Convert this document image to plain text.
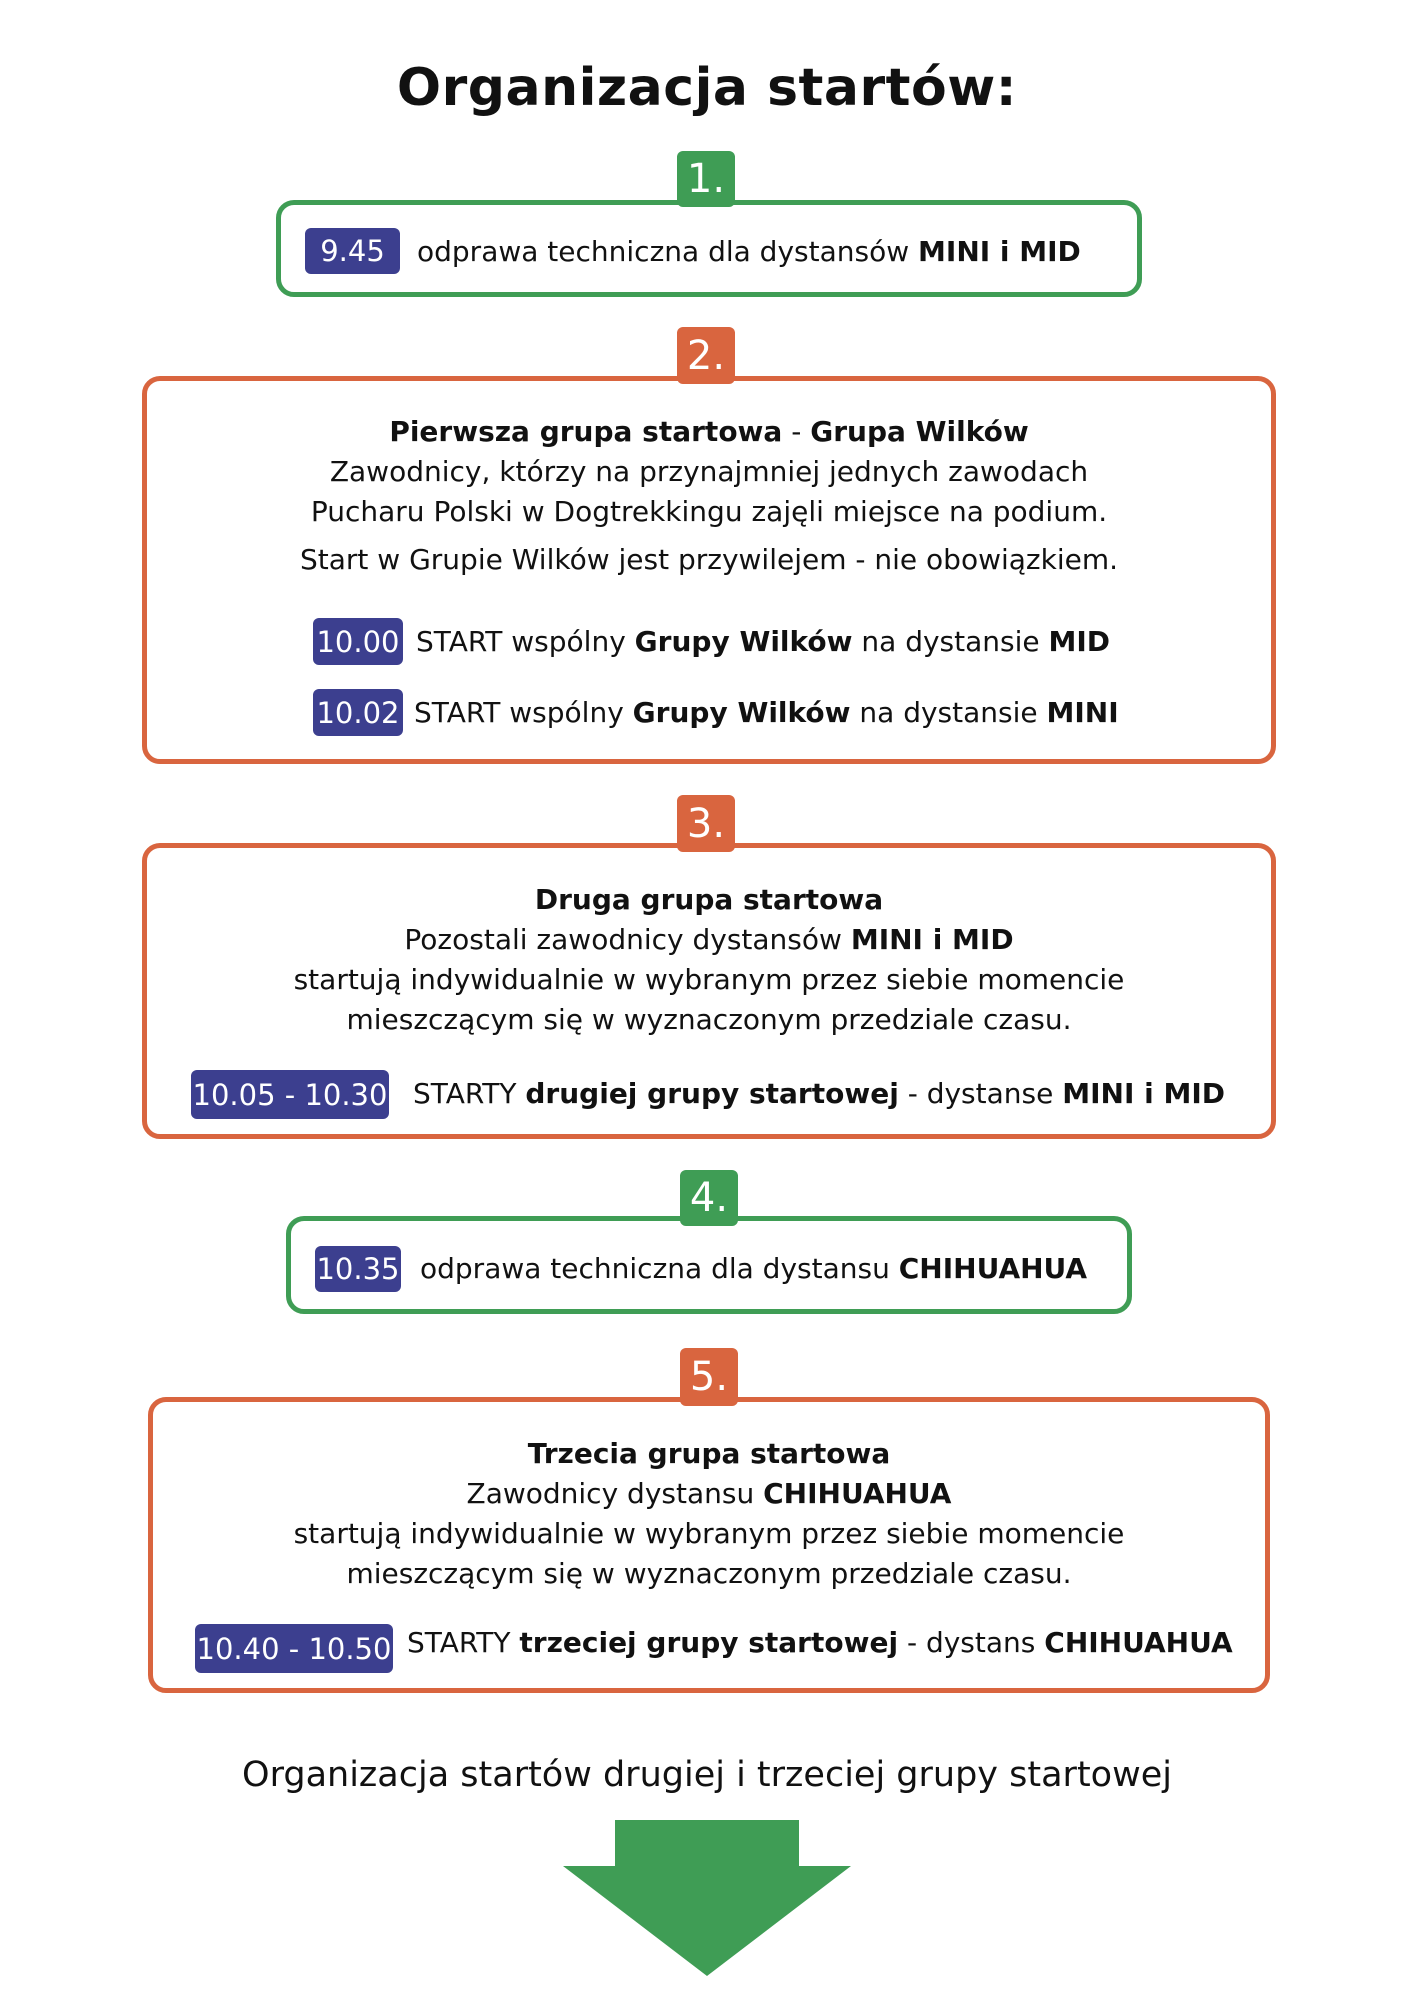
Organizacja startów:
9.45	odprawa techniczna dla dystansów MINI i MID
1.
Pierwsza grupa startowa - Grupa Wilków
Zawodnicy, którzy na przynajmniej jednych zawodach
Pucharu Polski w Dogtrekkingu zajęli miejsce na podium.
Start w Grupie Wilków jest przywilejem - nie obowiązkiem.
10.00 START wspólny Grupy Wilków na dystansie MID
10.02 START wspólny Grupy Wilków na dystansie MINI
2.
Druga grupa startowa
Pozostali zawodnicy dystansów MINI i MID
startują indywidualnie w wybranym przez siebie momencie
mieszczącym się w wyznaczonym przedziale czasu.
10.05 - 10.30 STARTY drugiej grupy startowej - dystanse MINI i MID
3.
10.35 odprawa techniczna dla dystansu CHIHUAHUA
4.
Trzecia grupa startowa
Zawodnicy dystansu CHIHUAHUA
startują indywidualnie w wybranym przez siebie momencie
mieszczącym się w wyznaczonym przedziale czasu.
10.40 - 10.50 STARTY trzeciej grupy startowej - dystans CHIHUAHUA
5.
Organizacja startów drugiej i trzeciej grupy startowej
